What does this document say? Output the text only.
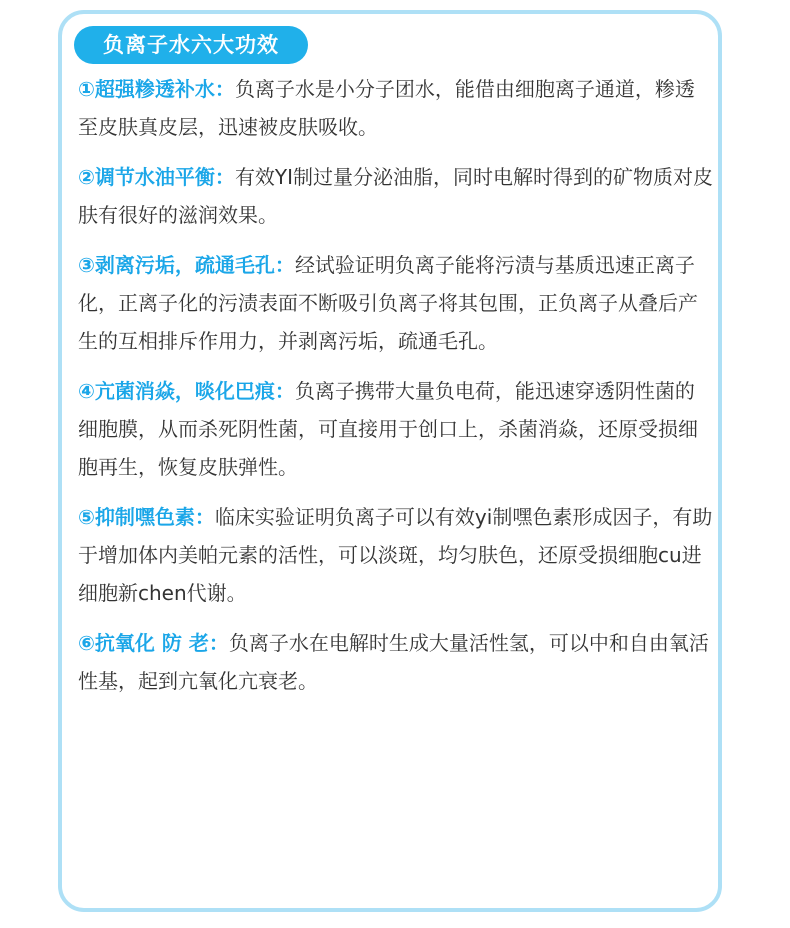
负离子水六大功效
①超强糁透补水：负离子水是小分子团水，能借由细胞离子通道，糁透至皮肤真皮层，迅速被皮肤吸收。
②调节水油平衡：有效YI制过量分泌油脂，同时电解时得到的矿物质对皮肤有很好的滋润效果。
③剥离污垢，疏通毛孔：经试验证明负离子能将污渍与基质迅速正离子化，正离子化的污渍表面不断吸引负离子将其包围，正负离子从叠后产生的互相排斥作用力，并剥离污垢，疏通毛孔。
④亢菌消焱，啖化巴痕：负离子携带大量负电荷，能迅速穿透阴性菌的细胞膜，从而杀死阴性菌，可直接用于创口上，杀菌消焱，还原受损细胞再生，恢复皮肤弹性。
⑤抑制嘿色素：临床实验证明负离子可以有效yi制嘿色素形成因子，有助于增加体内美帕元素的活性，可以淡斑，均匀肤色，还原受损细胞cu进细胞新chen代谢。
⑥抗氧化 防 老：负离子水在电解时生成大量活性氢，可以中和自由氧活性基，起到亢氧化亢衰老。
